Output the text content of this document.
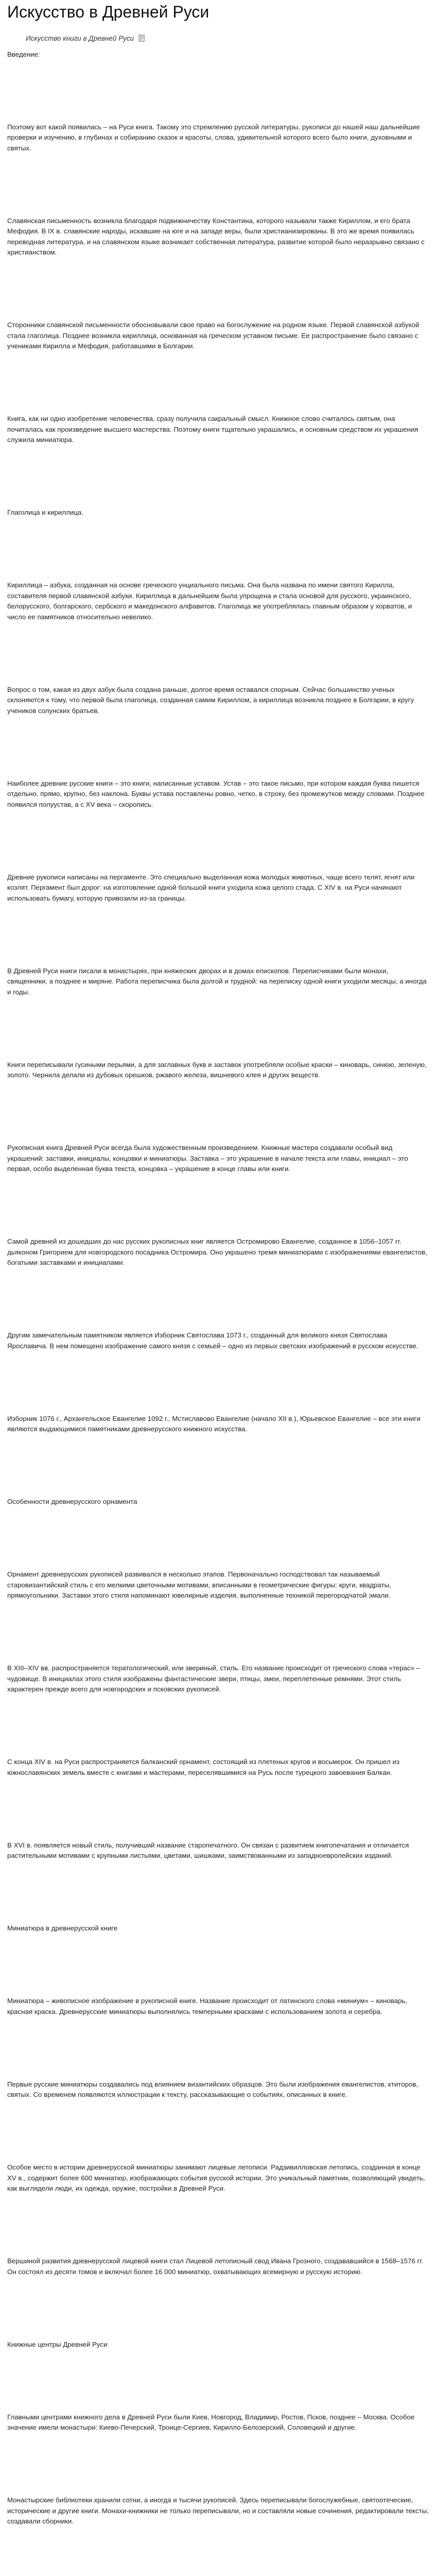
Искусство в Древней Руси
Искусство книги в Древней Руси

Введение:

Поэтому вот какой появилась – на Руси книга. Такому это стремлению русской литературы, рукописи до нашей наш дальнейшие проверки и изучению, в глубинах и собиранию сказок и красоты, слова, удивительной которого всего было книги, духовными и святых.

Славянская письменность возникла благодаря подвижничеству Константина, которого называли также Кириллом, и его брата Мефодия. В IX в. славянские народы, искавшие на юге и на западе веры, были христианизированы. В это же время появилась переводная литература, и на славянском языке возникает собственная литература, развитие которой было неразрывно связано с христианством.

Сторонники славянской письменности обосновывали свое право на богослужение на родном языке. Первой славянской азбукой стала глаголица. Позднее возникла кириллица, основанная на греческом уставном письме. Ее распространение было связано с учениками Кирилла и Мефодия, работавшими в Болгарии.

Книга, как ни одно изобретение человечества, сразу получила сакральный смысл. Книжное слово считалось святым, она почиталась как произведение высшего мастерства. Поэтому книги тщательно украшались, и основным средством их украшения служила миниатюра.

Глаголица и кириллица.

Кириллица – азбука, созданная на основе греческого унциального письма. Она была названа по имени святого Кирилла, составителя первой славянской азбуки. Кириллица в дальнейшем была упрощена и стала основой для русского, украинского, белорусского, болгарского, сербского и македонского алфавитов. Глаголица же употреблялась главным образом у хорватов, и число ее памятников относительно невелико.

Вопрос о том, какая из двух азбук была создана раньше, долгое время оставался спорным. Сейчас большинство ученых склоняются к тому, что первой была глаголица, созданная самим Кириллом, а кириллица возникла позднее в Болгарии, в кругу учеников солунских братьев.

Наиболее древние русские книги – это книги, написанные уставом. Устав – это такое письмо, при котором каждая буква пишется отдельно, прямо, крупно, без наклона. Буквы устава поставлены ровно, четко, в строку, без промежутков между словами. Позднее появился полуустав, а с XV века – скоропись.

Древние рукописи написаны на пергаменте. Это специально выделанная кожа молодых животных, чаще всего телят, ягнят или козлят. Пергамент был дорог: на изготовление одной большой книги уходила кожа целого стада. С XIV в. на Руси начинают использовать бумагу, которую привозили из-за границы.

В Древней Руси книги писали в монастырях, при княжеских дворах и в домах епископов. Переписчиками были монахи, священники, а позднее и миряне. Работа переписчика была долгой и трудной: на переписку одной книги уходили месяцы, а иногда и годы.

Книги переписывали гусиными перьями, а для заглавных букв и заставок употребляли особые краски – киноварь, синюю, зеленую, золото. Чернила делали из дубовых орешков, ржавого железа, вишневого клея и других веществ.

Рукописная книга Древней Руси всегда была художественным произведением. Книжные мастера создавали особый вид украшений: заставки, инициалы, концовки и миниатюры. Заставка – это украшение в начале текста или главы, инициал – это первая, особо выделенная буква текста, концовка – украшение в конце главы или книги.

Самой древней из дошедших до нас русских рукописных книг является Остромирово Евангелие, созданное в 1056–1057 гг. дьяконом Григорием для новгородского посадника Остромира. Оно украшено тремя миниатюрами с изображениями евангелистов, богатыми заставками и инициалами.

Другим замечательным памятником является Изборник Святослава 1073 г., созданный для великого князя Святослава Ярославича. В нем помещено изображение самого князя с семьей – одно из первых светских изображений в русском искусстве.

Изборник 1076 г., Архангельское Евангелие 1092 г., Мстиславово Евангелие (начало XII в.), Юрьевское Евангелие – все эти книги являются выдающимися памятниками древнерусского книжного искусства.

Особенности древнерусского орнамента

Орнамент древнерусских рукописей развивался в несколько этапов. Первоначально господствовал так называемый старовизантийский стиль с его мелкими цветочными мотивами, вписанными в геометрические фигуры: круги, квадраты, прямоугольники. Заставки этого стиля напоминают ювелирные изделия, выполненные техникой перегородчатой эмали.

В XIII–XIV вв. распространяется тератологический, или звериный, стиль. Его название происходит от греческого слова «терас» – чудовище. В инициалах этого стиля изображены фантастические звери, птицы, змеи, переплетенные ремнями. Этот стиль характерен прежде всего для новгородских и псковских рукописей.

С конца XIV в. на Руси распространяется балканский орнамент, состоящий из плетеных кругов и восьмерок. Он пришел из южнославянских земель вместе с книгами и мастерами, переселявшимися на Русь после турецкого завоевания Балкан.

В XVI в. появляется новый стиль, получивший название старопечатного. Он связан с развитием книгопечатания и отличается растительными мотивами с крупными листьями, цветами, шишками, заимствованными из западноевропейских изданий.

Миниатюра в древнерусской книге

Миниатюра – живописное изображение в рукописной книге. Название происходит от латинского слова «миниум» – киноварь, красная краска. Древнерусские миниатюры выполнялись темперными красками с использованием золота и серебра.

Первые русские миниатюры создавались под влиянием византийских образцов. Это были изображения евангелистов, ктиторов, святых. Со временем появляются иллюстрации к тексту, рассказывающие о событиях, описанных в книге.

Особое место в истории древнерусской миниатюры занимают лицевые летописи. Радзивилловская летопись, созданная в конце XV в., содержит более 600 миниатюр, изображающих события русской истории. Это уникальный памятник, позволяющий увидеть, как выглядели люди, их одежда, оружие, постройки в Древней Руси.

Вершиной развития древнерусской лицевой книги стал Лицевой летописный свод Ивана Грозного, создававшийся в 1568–1576 гг. Он состоял из десяти томов и включал более 16 000 миниатюр, охватывающих всемирную и русскую историю.

Книжные центры Древней Руси

Главными центрами книжного дела в Древней Руси были Киев, Новгород, Владимир, Ростов, Псков, позднее – Москва. Особое значение имели монастыри: Киево-Печерский, Троице-Сергиев, Кирилло-Белозерский, Соловецкий и другие.

Монастырские библиотеки хранили сотни, а иногда и тысячи рукописей. Здесь переписывали богослужебные, святоотеческие, исторические и другие книги. Монахи-книжники не только переписывали, но и составляли новые сочинения, редактировали тексты, создавали сборники.
